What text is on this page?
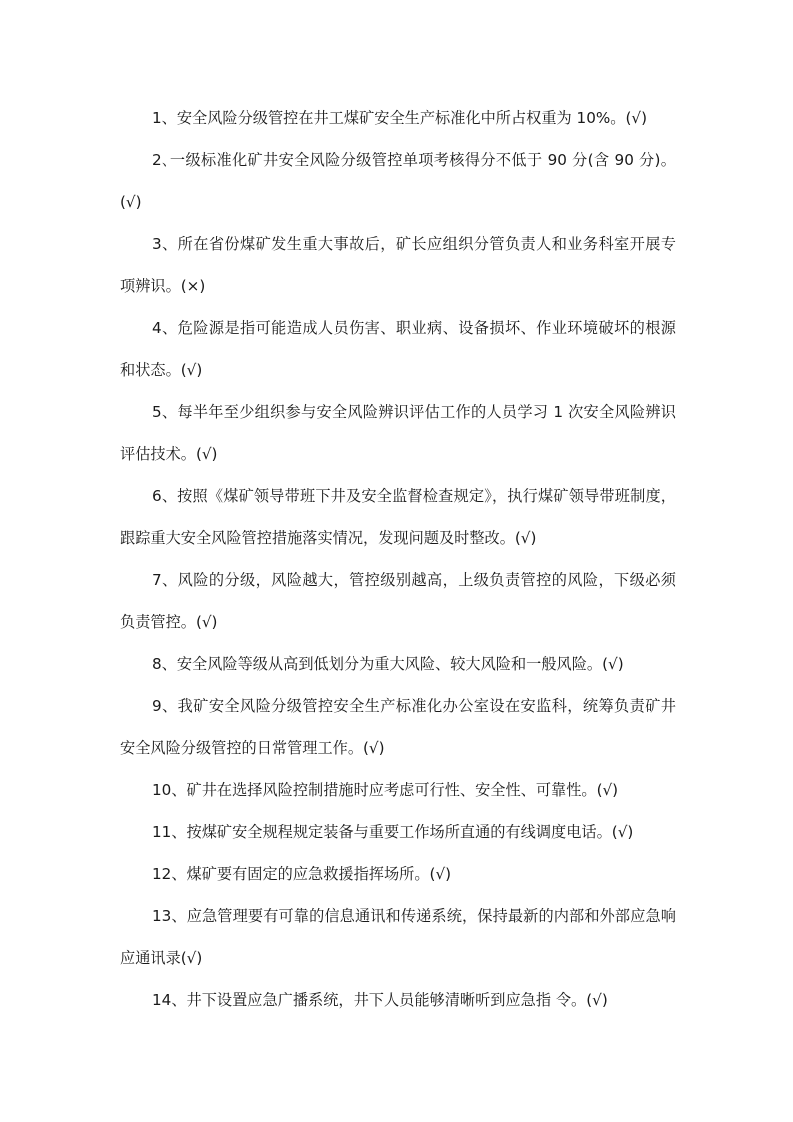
1、安全风险分级管控在井工煤矿安全生产标准化中所占权重为 10%。(√)

2､一级标准化矿井安全风险分级管控单项考核得分不低于 90 分(含 90 分)。(√)

3、所在省份煤矿发生重大事故后，矿长应组织分管负责人和业务科室开展专项辨识。(×)

4、危险源是指可能造成人员伤害、职业病、设备损坏、作业环境破坏的根源和状态。(√)

5、每半年至少组织参与安全风险辨识评估工作的人员学习 1 次安全风险辨识评估技术。(√)

6、按照《煤矿领导带班下井及安全监督检查规定》，执行煤矿领导带班制度，跟踪重大安全风险管控措施落实情况，发现问题及时整改。(√)

7、风险的分级，风险越大，管控级别越高，上级负责管控的风险，下级必须负责管控。(√)

8、安全风险等级从高到低划分为重大风险、较大风险和一般风险。(√)

9、我矿安全风险分级管控安全生产标准化办公室设在安监科，统筹负责矿井安全风险分级管控的日常管理工作。(√)

10、矿井在选择风险控制措施时应考虑可行性、安全性、可靠性。(√)

11、按煤矿安全规程规定装备与重要工作场所直通的有线调度电话。(√)

12、煤矿要有固定的应急救援指挥场所。(√)

13、应急管理要有可靠的信息通讯和传递系统，保持最新的内部和外部应急响应通讯录(√)

14、井下设置应急广播系统，井下人员能够清晰听到应急指 令。(√)
